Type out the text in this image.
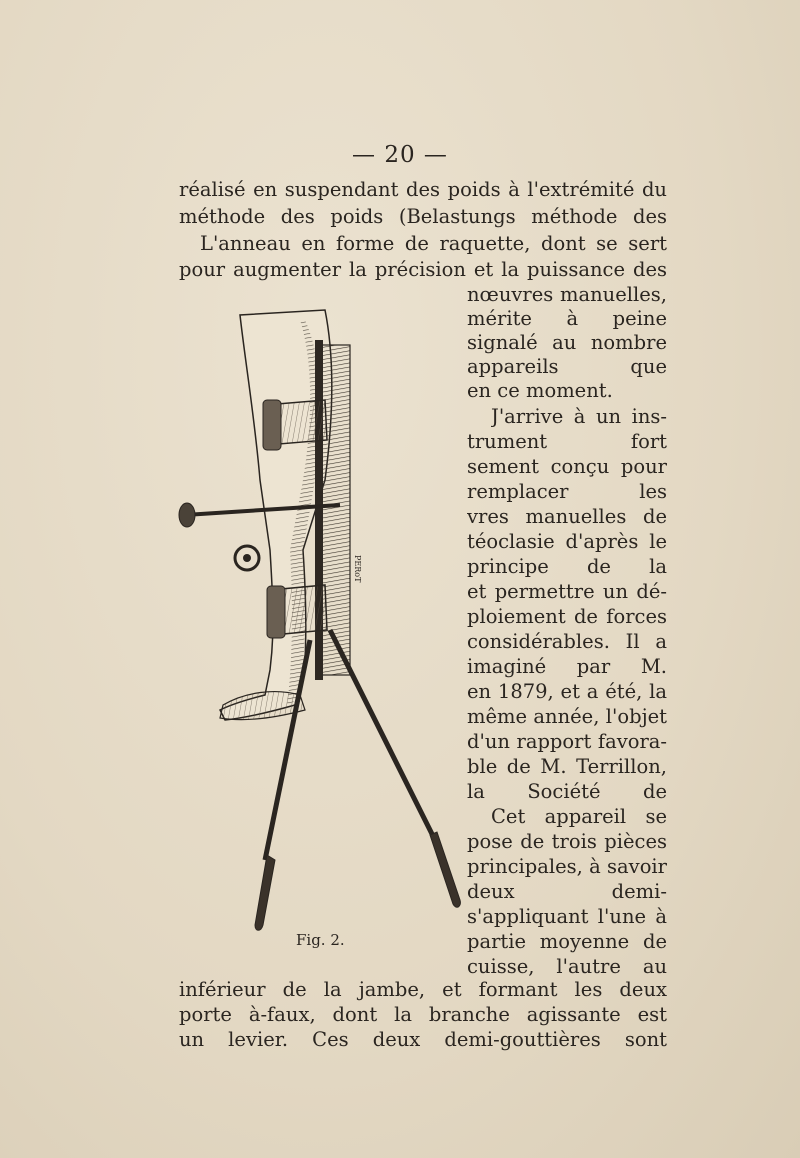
— 20 —
réalisé en suspendant des poids à l'extrémité du
méthode des poids (Belastungs méthode des
L'anneau en forme de raquette, dont se sert
pour augmenter la précision et la puissance des
nœuvres manuelles,
mérite à peine
signalé au nombre
appareils que
en ce moment.
J'arrive à un ins-
trument fort
sement conçu pour
remplacer les
vres manuelles de
téoclasie d'après le
principe de la
et permettre un dé-
ploiement de forces
considérables. Il a
imaginé par M.
en 1879, et a été, la
même année, l'objet
d'un rapport favora-
ble de M. Terrillon,
la Société de
Cet appareil se
pose de trois pièces
principales, à savoir
deux demi-
s'appliquant l'une à
partie moyenne de
cuisse, l'autre au
inférieur de la jambe, et formant les deux
porte à-faux, dont la branche agissante est
un levier. Ces deux demi-gouttières sont
PERoT
Fig. 2.
